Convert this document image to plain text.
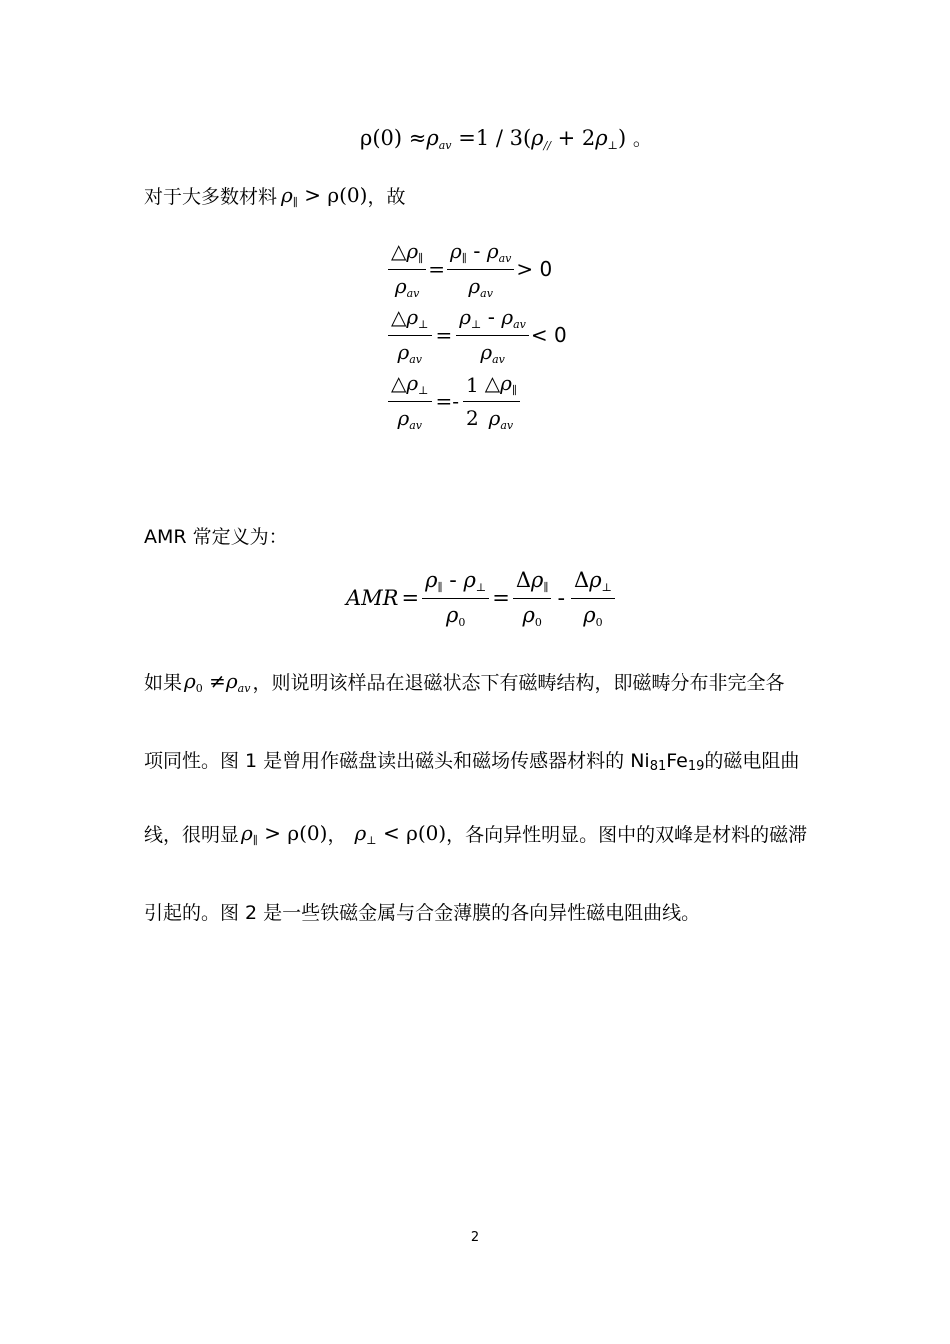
$\rho(0) \approx\rho_{av} =1 / 3(\rho_{//} + 2\rho_\perp)$ 。
对于大多数材料 $\rho_\parallel > \rho(0)$ ，故
$\frac{\triangle\rho_\parallel}{\rho_{av}} = \frac{\rho_\parallel - \rho_{av}}{\rho_{av}} > 0$
$\frac{\triangle\rho_\perp}{\rho_{av}} = \frac{\rho_\perp - \rho_{av}}{\rho_{av}} < 0$
$\frac{\triangle\rho_\perp}{\rho_{av}} =- \frac{1}{2} \frac{\triangle\rho_\parallel}{\rho_{av}}$
AMR 常定义为：
AMR = $\frac{\rho_\parallel - \rho_\perp}{\rho_0} = \frac{\Delta\rho_\parallel}{\rho_0} - \frac{\Delta\rho_\perp}{\rho_0}$
如果 $\rho_0 \ne\rho_{av}$ ，则说明该样品在退磁状态下有磁畴结构，即磁畴分布非完全各
项同性。图 1 是曾用作磁盘读出磁头和磁场传感器材料的 Ni81Fe19的磁电阻曲
线，很明显 $\rho_\parallel > \rho(0)$ ， $\rho_\perp < \rho(0)$ ，各向异性明显。图中的双峰是材料的磁滞
引起的。图 2 是一些铁磁金属与合金薄膜的各向异性磁电阻曲线。
2
